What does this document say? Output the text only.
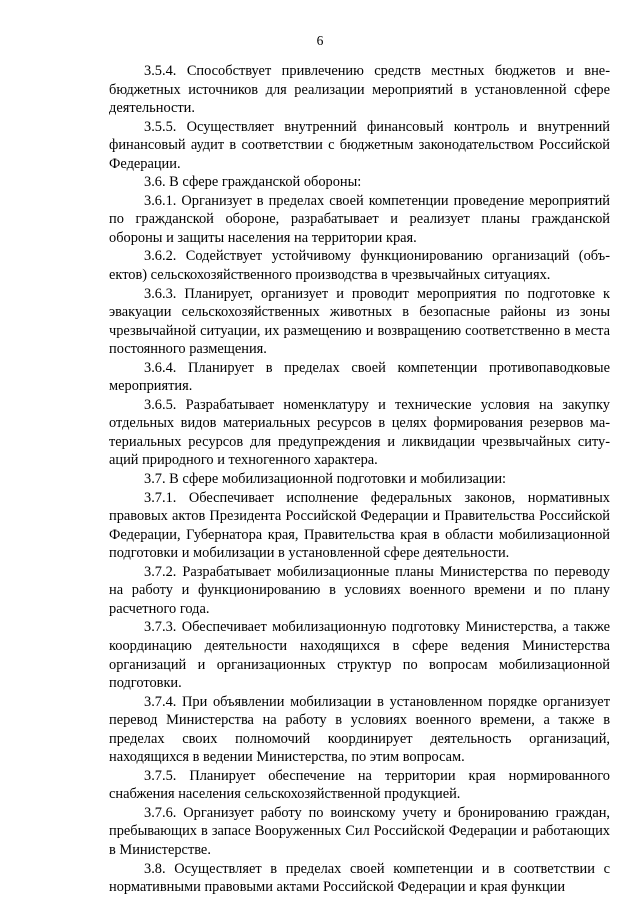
6

3.5.4. Способствует привлечению средств местных бюджетов и внебюджетных источников для реализации мероприятий в установленной сфере деятельности.

3.5.5. Осуществляет внутренний финансовый контроль и внутренний финансовый аудит в соответствии с бюджетным законодательством Российской Федерации.

3.6. В сфере гражданской обороны:

3.6.1. Организует в пределах своей компетенции проведение мероприятий по гражданской обороне, разрабатывает и реализует планы гражданской обороны и защиты населения на территории края.

3.6.2. Содействует устойчивому функционированию организаций (объектов) сельскохозяйственного производства в чрезвычайных ситуациях.

3.6.3. Планирует, организует и проводит мероприятия по подготовке к эвакуации сельскохозяйственных животных в безопасные районы из зоны чрезвычайной ситуации, их размещению и возвращению соответственно в места постоянного размещения.

3.6.4. Планирует в пределах своей компетенции противопаводковые мероприятия.

3.6.5. Разрабатывает номенклатуру и технические условия на закупку отдельных видов материальных ресурсов в целях формирования резервов материальных ресурсов для предупреждения и ликвидации чрезвычайных ситуаций природного и техногенного характера.

3.7. В сфере мобилизационной подготовки и мобилизации:

3.7.1. Обеспечивает исполнение федеральных законов, нормативных правовых актов Президента Российской Федерации и Правительства Российской Федерации, Губернатора края, Правительства края в области мобилизационной подготовки и мобилизации в установленной сфере деятельности.

3.7.2. Разрабатывает мобилизационные планы Министерства по переводу на работу и функционированию в условиях военного времени и по плану расчетного года.

3.7.3. Обеспечивает мобилизационную подготовку Министерства, а также координацию деятельности находящихся в сфере ведения Министерства организаций и организационных структур по вопросам мобилизационной подготовки.

3.7.4. При объявлении мобилизации в установленном порядке организует перевод Министерства на работу в условиях военного времени, а также в пределах своих полномочий координирует деятельность организаций, находящихся в ведении Министерства, по этим вопросам.

3.7.5. Планирует обеспечение на территории края нормированного снабжения населения сельскохозяйственной продукцией.

3.7.6. Организует работу по воинскому учету и бронированию граждан, пребывающих в запасе Вооруженных Сил Российской Федерации и работающих в Министерстве.

3.8. Осуществляет в пределах своей компетенции и в соответствии с нормативными правовыми актами Российской Федерации и края функции
